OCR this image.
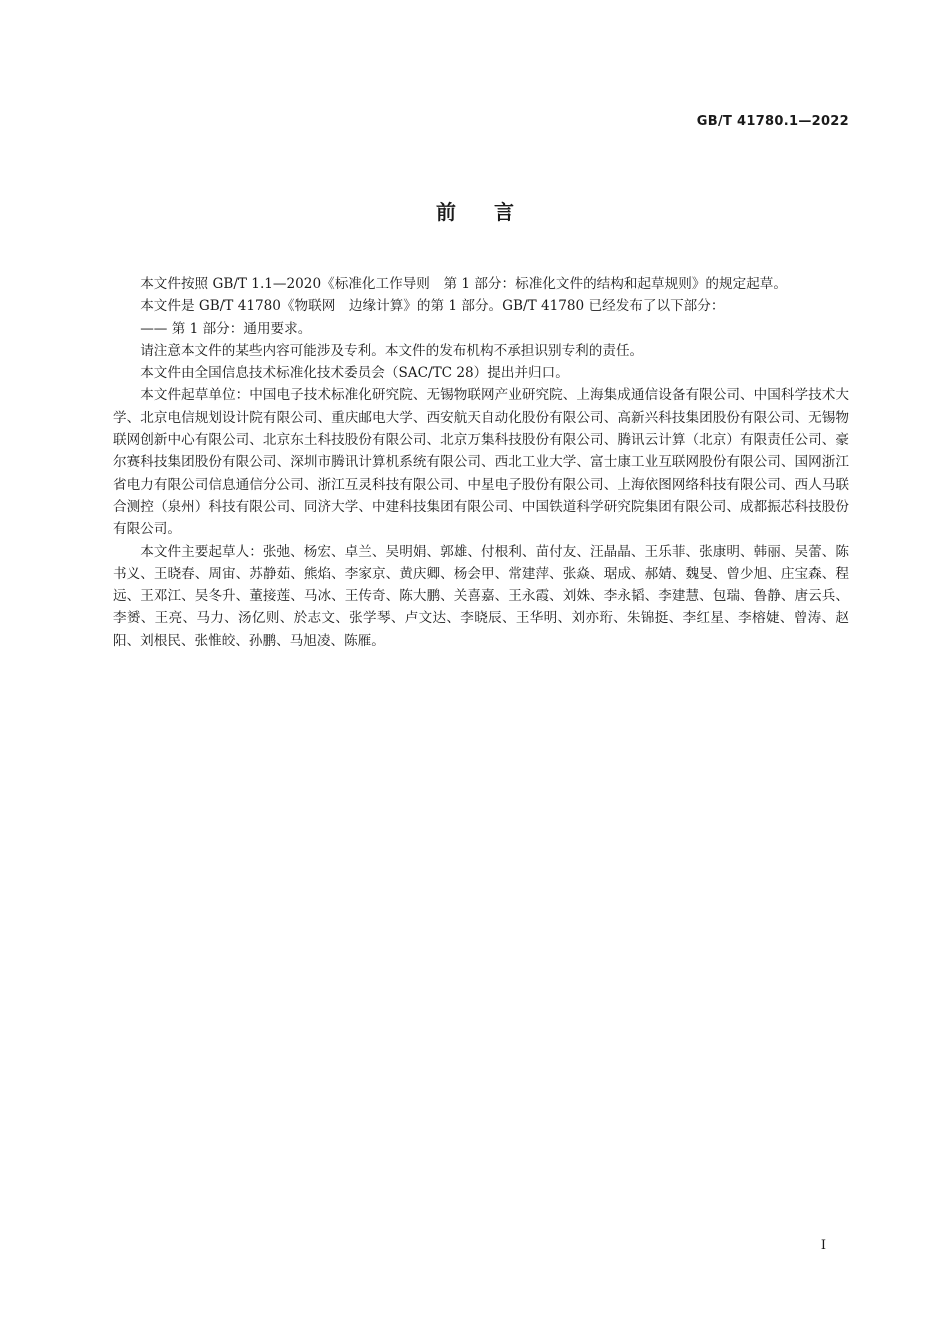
GB/T 41780.1—2022
前言

本文件按照 GB/T 1.1—2020《标准化工作导则　第 1 部分：标准化文件的结构和起草规则》的规定起草。

本文件是 GB/T 41780《物联网　边缘计算》的第 1 部分。GB/T 41780 已经发布了以下部分：

—— 第 1 部分：通用要求。

请注意本文件的某些内容可能涉及专利。本文件的发布机构不承担识别专利的责任。

本文件由全国信息技术标准化技术委员会（SAC/TC 28）提出并归口。

本文件起草单位：中国电子技术标准化研究院、无锡物联网产业研究院、上海集成通信设备有限公司、中国科学技术大学、北京电信规划设计院有限公司、重庆邮电大学、西安航天自动化股份有限公司、高新兴科技集团股份有限公司、无锡物联网创新中心有限公司、北京东土科技股份有限公司、北京万集科技股份有限公司、腾讯云计算（北京）有限责任公司、豪尔赛科技集团股份有限公司、深圳市腾讯计算机系统有限公司、西北工业大学、富士康工业互联网股份有限公司、国网浙江省电力有限公司信息通信分公司、浙江互灵科技有限公司、中星电子股份有限公司、上海依图网络科技有限公司、西人马联合测控（泉州）科技有限公司、同济大学、中建科技集团有限公司、中国铁道科学研究院集团有限公司、成都振芯科技股份有限公司。

本文件主要起草人：张弛、杨宏、卓兰、吴明娟、郭雄、付根利、苗付友、汪晶晶、王乐菲、张康明、韩丽、吴蕾、陈书义、王晓春、周宙、苏静茹、熊焰、李家京、黄庆卿、杨会甲、常建萍、张焱、琚成、郝婧、魏旻、曾少旭、庄宝森、程远、王邓江、吴冬升、董接莲、马冰、王传奇、陈大鹏、关喜嘉、王永霞、刘姝、李永韬、李建慧、包瑞、鲁静、唐云兵、李赟、王亮、马力、汤亿则、於志文、张学琴、卢文达、李晓辰、王华明、刘亦珩、朱锦挺、李红星、李榕婕、曾涛、赵阳、刘根民、张惟皎、孙鹏、马旭凌、陈雁。

I
